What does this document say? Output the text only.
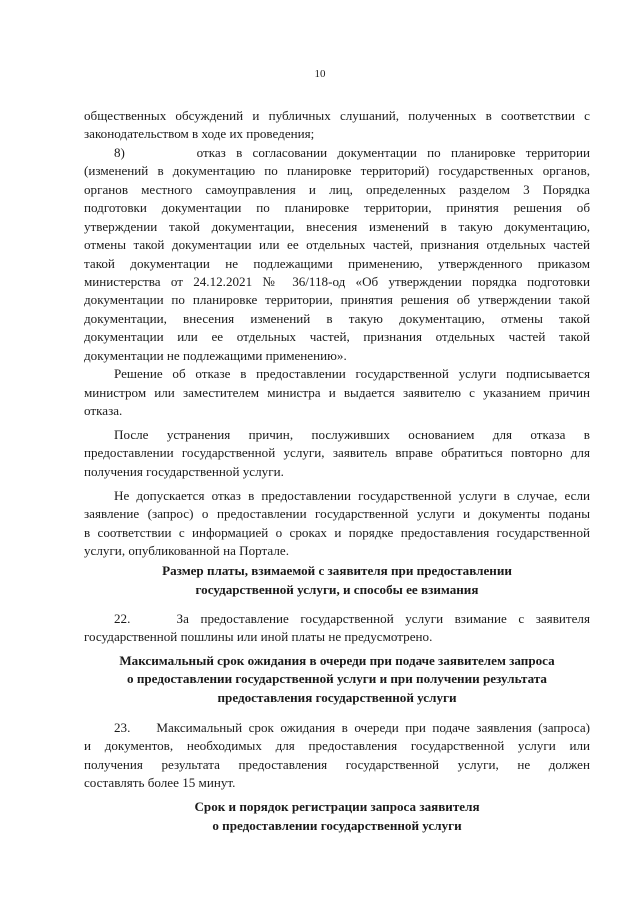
10
общественных обсуждений и публичных слушаний, полученных в соответствии с
законодательством в ходе их проведения;
8)       отказ в согласовании документации по планировке территории
(изменений в документацию по планировке территорий) государственных органов,
органов местного самоуправления и лиц, определенных разделом 3 Порядка
подготовки документации по планировке территории, принятия решения об
утверждении такой документации, внесения изменений в такую документацию,
отмены такой документации или ее отдельных частей, признания отдельных частей
такой документации не подлежащими применению, утвержденного приказом
министерства от 24.12.2021 № 36/118-од «Об утверждении порядка подготовки
документации по планировке территории, принятия решения об утверждении такой
документации, внесения изменений в такую документацию, отмены такой
документации или ее отдельных частей, признания отдельных частей такой
документации не подлежащими применению».
Решение об отказе в предоставлении государственной услуги подписывается
министром или заместителем министра и выдается заявителю с указанием причин
отказа.
После устранения причин, послуживших основанием для отказа в
предоставлении государственной услуги, заявитель вправе обратиться повторно для
получения государственной услуги.
Не допускается отказ в предоставлении государственной услуги в случае, если
заявление (запрос) о предоставлении государственной услуги и документы поданы
в соответствии с информацией о сроках и порядке предоставления государственной
услуги, опубликованной на Портале.
Размер платы, взимаемой с заявителя при предоставлении
государственной услуги, и способы ее взимания
22.    За предоставление государственной услуги взимание с заявителя
государственной пошлины или иной платы не предусмотрено.
Максимальный срок ожидания в очереди при подаче заявителем запроса
о предоставлении государственной услуги и при получении результата
предоставления государственной услуги
23.    Максимальный срок ожидания в очереди при подаче заявления (запроса)
и документов, необходимых для предоставления государственной услуги или
получения результата предоставления государственной услуги, не должен
составлять более 15 минут.
Срок и порядок регистрации запроса заявителя
о предоставлении государственной услуги
